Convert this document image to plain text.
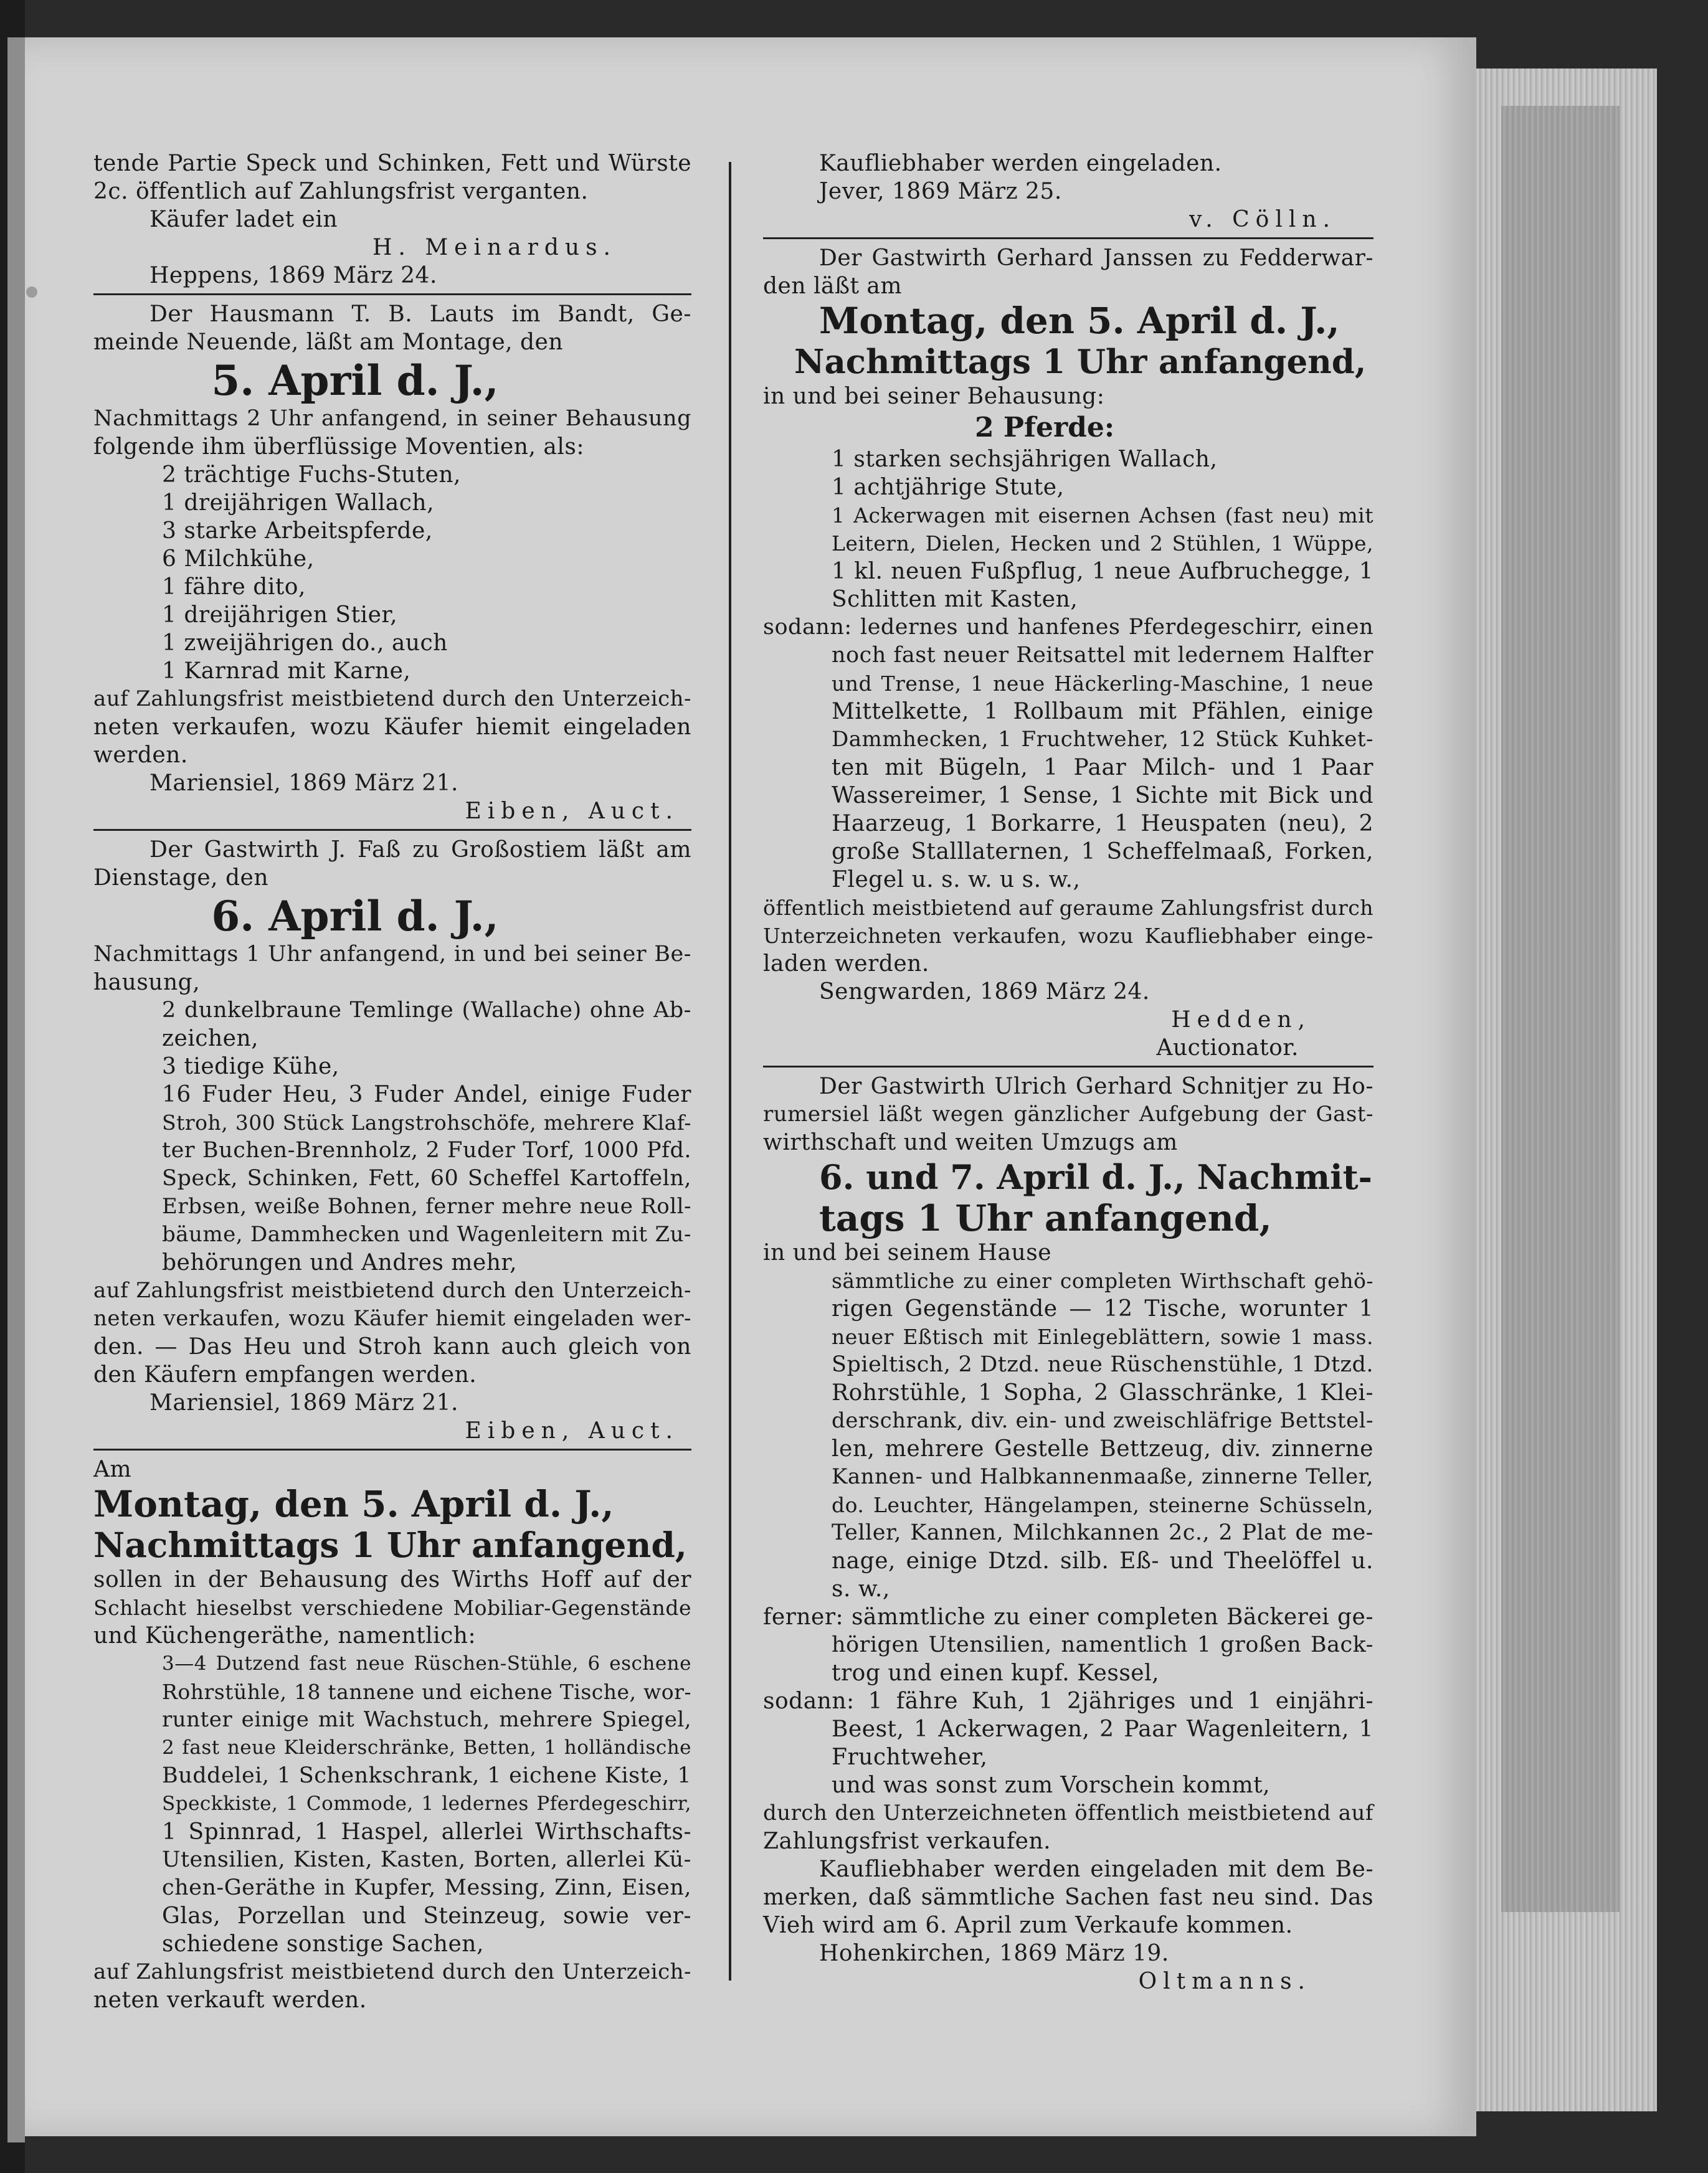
tende Partie Speck und Schinken, Fett und Würste
2c. öffentlich auf Zahlungsfrist verganten.
Käufer ladet ein
H. Meinardus.
Heppens, 1869 März 24.
Der Hausmann T. B. Lauts im Bandt, Ge-
meinde Neuende, läßt am Montage, den
5. April d. J.,
Nachmittags 2 Uhr anfangend, in seiner Behausung
folgende ihm überflüssige Moventien, als:
2 trächtige Fuchs-Stuten,
1 dreijährigen Wallach,
3 starke Arbeitspferde,
6 Milchkühe,
1 fähre dito,
1 dreijährigen Stier,
1 zweijährigen do., auch
1 Karnrad mit Karne,
auf Zahlungsfrist meistbietend durch den Unterzeich-
neten verkaufen, wozu Käufer hiemit eingeladen
werden.
Mariensiel, 1869 März 21.
Eiben, Auct.
Der Gastwirth J. Faß zu Großostiem läßt am
Dienstage, den
6. April d. J.,
Nachmittags 1 Uhr anfangend, in und bei seiner Be-
hausung,
2 dunkelbraune Temlinge (Wallache) ohne Ab-
zeichen,
3 tiedige Kühe,
16 Fuder Heu, 3 Fuder Andel, einige Fuder
Stroh, 300 Stück Langstrohschöfe, mehrere Klaf-
ter Buchen-Brennholz, 2 Fuder Torf, 1000 Pfd.
Speck, Schinken, Fett, 60 Scheffel Kartoffeln,
Erbsen, weiße Bohnen, ferner mehre neue Roll-
bäume, Dammhecken und Wagenleitern mit Zu-
behörungen und Andres mehr,
auf Zahlungsfrist meistbietend durch den Unterzeich-
neten verkaufen, wozu Käufer hiemit eingeladen wer-
den. — Das Heu und Stroh kann auch gleich von
den Käufern empfangen werden.
Mariensiel, 1869 März 21.
Eiben, Auct.
Am
Montag, den 5. April d. J.,
Nachmittags 1 Uhr anfangend,
sollen in der Behausung des Wirths Hoff auf der
Schlacht hieselbst verschiedene Mobiliar-Gegenstände
und Küchengeräthe, namentlich:
3—4 Dutzend fast neue Rüschen-Stühle, 6 eschene
Rohrstühle, 18 tannene und eichene Tische, wor-
runter einige mit Wachstuch, mehrere Spiegel,
2 fast neue Kleiderschränke, Betten, 1 holländische
Buddelei, 1 Schenkschrank, 1 eichene Kiste, 1
Speckkiste, 1 Commode, 1 ledernes Pferdegeschirr,
1 Spinnrad, 1 Haspel, allerlei Wirthschafts-
Utensilien, Kisten, Kasten, Borten, allerlei Kü-
chen-Geräthe in Kupfer, Messing, Zinn, Eisen,
Glas, Porzellan und Steinzeug, sowie ver-
schiedene sonstige Sachen,
auf Zahlungsfrist meistbietend durch den Unterzeich-
neten verkauft werden.
Kaufliebhaber werden eingeladen.
Jever, 1869 März 25.
v. Cölln.
Der Gastwirth Gerhard Janssen zu Fedderwar-
den läßt am
Montag, den 5. April d. J.,
Nachmittags 1 Uhr anfangend,
in und bei seiner Behausung:
2 Pferde:
1 starken sechsjährigen Wallach,
1 achtjährige Stute,
1 Ackerwagen mit eisernen Achsen (fast neu) mit
Leitern, Dielen, Hecken und 2 Stühlen, 1 Wüppe,
1 kl. neuen Fußpflug, 1 neue Aufbruchegge, 1
Schlitten mit Kasten,
sodann: ledernes und hanfenes Pferdegeschirr, einen
noch fast neuer Reitsattel mit ledernem Halfter
und Trense, 1 neue Häckerling-Maschine, 1 neue
Mittelkette, 1 Rollbaum mit Pfählen, einige
Dammhecken, 1 Fruchtweher, 12 Stück Kuhket-
ten mit Bügeln, 1 Paar Milch- und 1 Paar
Wassereimer, 1 Sense, 1 Sichte mit Bick und
Haarzeug, 1 Borkarre, 1 Heuspaten (neu), 2
große Stalllaternen, 1 Scheffelmaaß, Forken,
Flegel u. s. w. u s. w.,
öffentlich meistbietend auf geraume Zahlungsfrist durch
Unterzeichneten verkaufen, wozu Kaufliebhaber einge-
laden werden.
Sengwarden, 1869 März 24.
Hedden,
Auctionator.
Der Gastwirth Ulrich Gerhard Schnitjer zu Ho-
rumersiel läßt wegen gänzlicher Aufgebung der Gast-
wirthschaft und weiten Umzugs am
6. und 7. April d. J., Nachmit-
tags 1 Uhr anfangend,
in und bei seinem Hause
sämmtliche zu einer completen Wirthschaft gehö-
rigen Gegenstände — 12 Tische, worunter 1
neuer Eßtisch mit Einlegeblättern, sowie 1 mass.
Spieltisch, 2 Dtzd. neue Rüschenstühle, 1 Dtzd.
Rohrstühle, 1 Sopha, 2 Glasschränke, 1 Klei-
derschrank, div. ein- und zweischläfrige Bettstel-
len, mehrere Gestelle Bettzeug, div. zinnerne
Kannen- und Halbkannenmaaße, zinnerne Teller,
do. Leuchter, Hängelampen, steinerne Schüsseln,
Teller, Kannen, Milchkannen 2c., 2 Plat de me-
nage, einige Dtzd. silb. Eß- und Theelöffel u.
s. w.,
ferner: sämmtliche zu einer completen Bäckerei ge-
hörigen Utensilien, namentlich 1 großen Back-
trog und einen kupf. Kessel,
sodann: 1 fähre Kuh, 1 2jähriges und 1 einjähri-
Beest, 1 Ackerwagen, 2 Paar Wagenleitern, 1
Fruchtweher,
und was sonst zum Vorschein kommt,
durch den Unterzeichneten öffentlich meistbietend auf
Zahlungsfrist verkaufen.
Kaufliebhaber werden eingeladen mit dem Be-
merken, daß sämmtliche Sachen fast neu sind. Das
Vieh wird am 6. April zum Verkaufe kommen.
Hohenkirchen, 1869 März 19.
Oltmanns.
